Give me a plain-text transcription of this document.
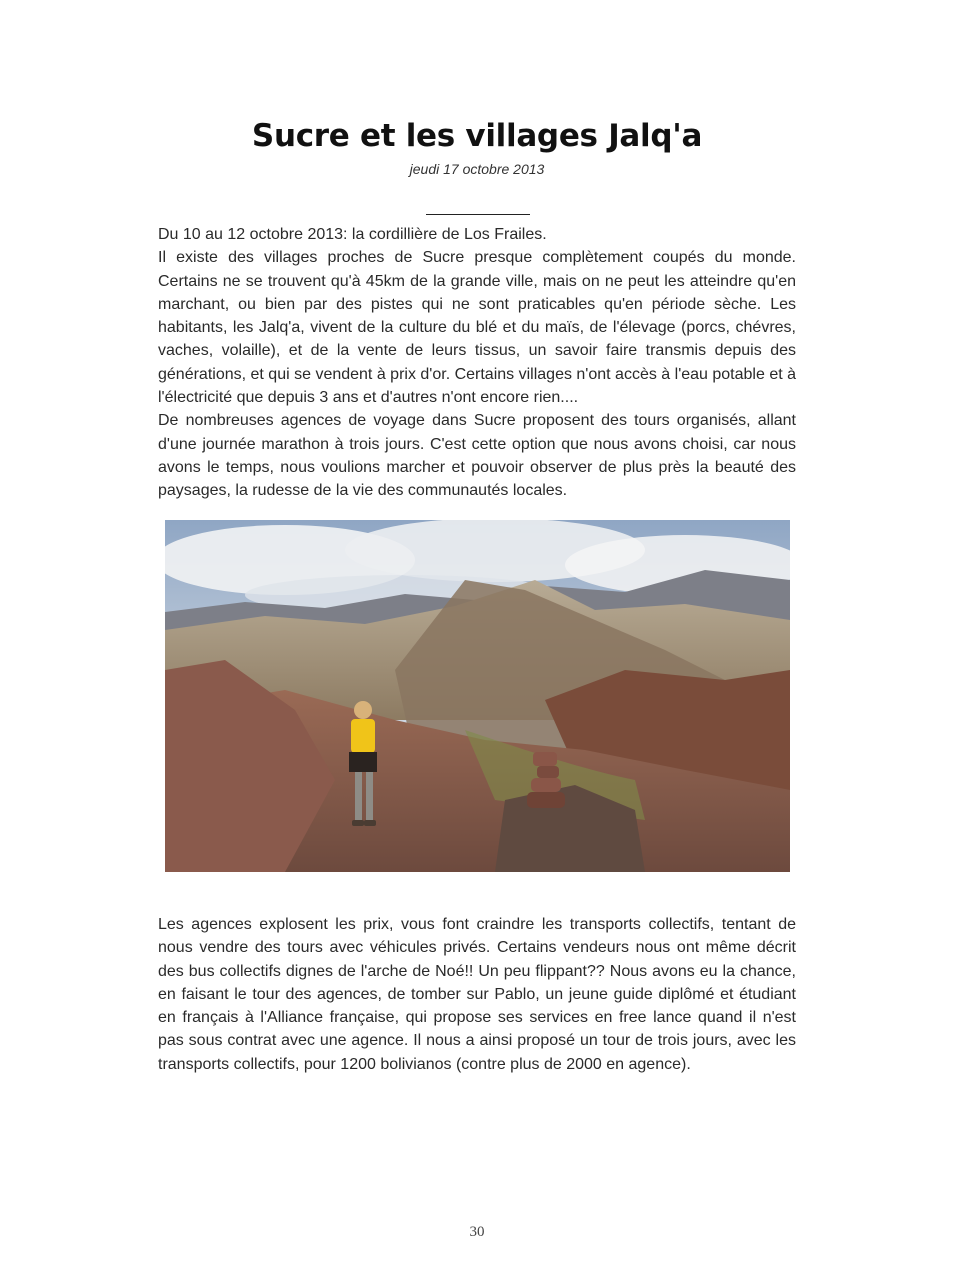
Sucre et les villages Jalq'a
jeudi 17 octobre 2013
Du 10 au 12 octobre 2013: la cordillière de Los Frailes.
Il existe des villages proches de Sucre presque complètement coupés du monde. Certains ne se trouvent qu'à 45km de la grande ville, mais on ne peut les atteindre qu'en marchant, ou bien par des pistes qui ne sont praticables qu'en période sèche. Les habitants, les Jalq'a, vivent de la culture du blé et du maïs, de l'élevage (porcs, chévres, vaches, volaille), et de la vente de leurs tissus, un savoir faire transmis depuis des générations, et qui se vendent à prix d'or. Certains villages n'ont accès à l'eau potable et à l'électricité que depuis 3 ans et d'autres n'ont encore rien....
De nombreuses agences de voyage dans Sucre proposent des tours organisés, allant d'une journée marathon à trois jours. C'est cette option que nous avons choisi, car nous avons le temps, nous voulions marcher et pouvoir observer de plus près la beauté des paysages, la rudesse de la vie des communautés locales.

Les agences explosent les prix, vous font craindre les transports collectifs, tentant de nous vendre des tours avec véhicules privés. Certains vendeurs nous ont même décrit des bus collectifs dignes de l'arche de Noé!! Un peu flippant?? Nous avons eu la chance, en faisant le tour des agences, de tomber sur Pablo, un jeune guide diplômé et étudiant en français à l'Alliance française, qui propose ses services en free lance quand il n'est pas sous contrat avec une agence. Il nous a ainsi proposé un tour de trois jours, avec les transports collectifs, pour 1200 bolivianos (contre plus de 2000 en agence).

30
